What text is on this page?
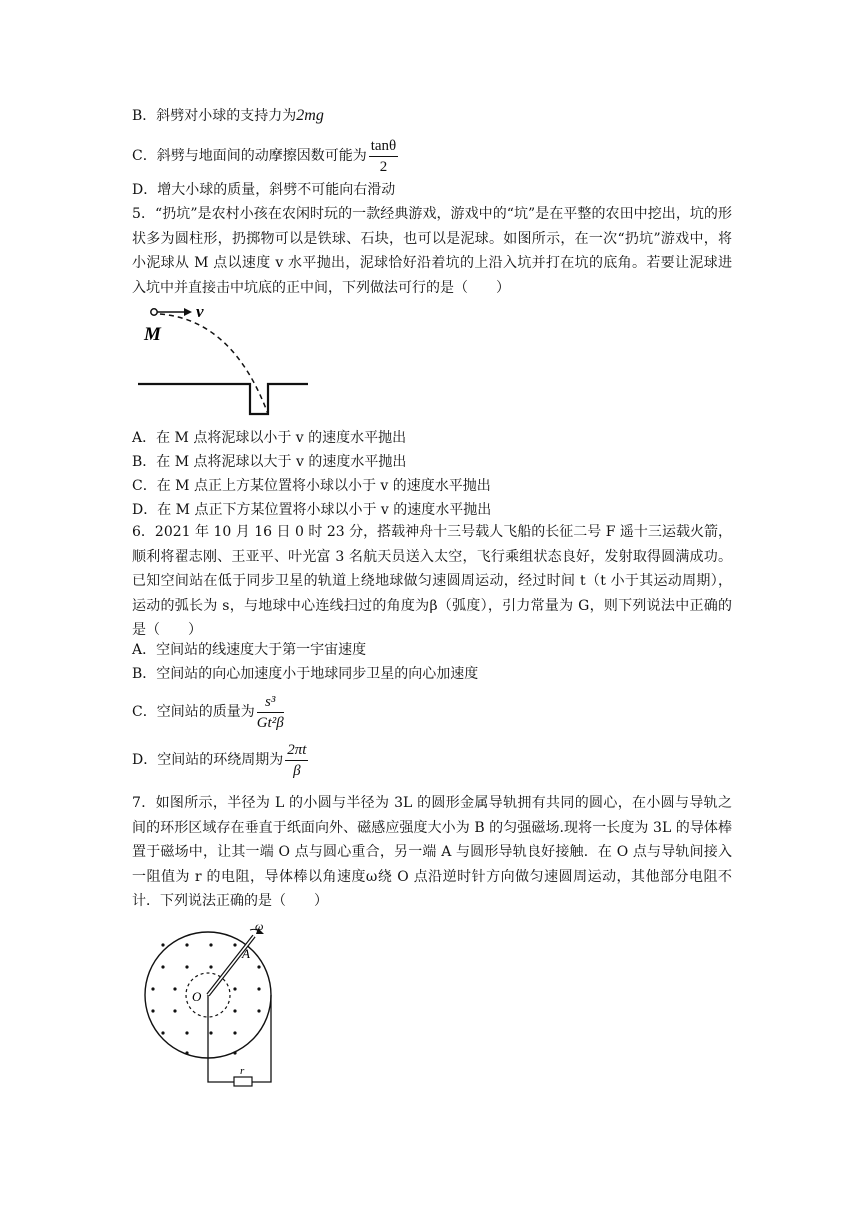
B．斜劈对小球的支持力为2mg
C．斜劈与地面间的动摩擦因数可能为 $\frac{\tan\theta}{2}$
D．增大小球的质量，斜劈不可能向右滑动
5．“扔坑”是农村小孩在农闲时玩的一款经典游戏，游戏中的“坑”是在平整的农田中挖出，坑的形状多为圆柱形，扔掷物可以是铁球、石块，也可以是泥球。如图所示，在一次“扔坑”游戏中，将小泥球从 M 点以速度 v 水平抛出，泥球恰好沿着坑的上沿入坑并打在坑的底角。若要让泥球进入坑中并直接击中坑底的正中间，下列做法可行的是（　　）
v
M
A．在 M 点将泥球以小于 v 的速度水平抛出
B．在 M 点将泥球以大于 v 的速度水平抛出
C．在 M 点正上方某位置将小球以小于 v 的速度水平抛出
D．在 M 点正下方某位置将小球以小于 v 的速度水平抛出
6．2021 年 10 月 16 日 0 时 23 分，搭载神舟十三号载人飞船的长征二号 F 遥十三运载火箭，顺利将翟志刚、王亚平、叶光富 3 名航天员送入太空，飞行乘组状态良好，发射取得圆满成功。已知空间站在低于同步卫星的轨道上绕地球做匀速圆周运动，经过时间 t（t 小于其运动周期），运动的弧长为 s，与地球中心连线扫过的角度为β（弧度），引力常量为 G，则下列说法中正确的是（　　）
A．空间站的线速度大于第一宇宙速度
B．空间站的向心加速度小于地球同步卫星的向心加速度
C．空间站的质量为 $\frac{\text{s³}}{\text{Gt²β}}$
D．空间站的环绕周期为 $\frac{2\pi t}{\beta}$
7．如图所示，半径为 L 的小圆与半径为 3L 的圆形金属导轨拥有共同的圆心，在小圆与导轨之间的环形区域存在垂直于纸面向外、磁感应强度大小为 B 的匀强磁场.现将一长度为 3L 的导体棒置于磁场中，让其一端 O 点与圆心重合，另一端 A 与圆形导轨良好接触．在 O 点与导轨间接入一阻值为 r 的电阻，导体棒以角速度ω绕 O 点沿逆时针方向做匀速圆周运动，其他部分电阻不计．下列说法正确的是（　　）
ω
A
O
r
